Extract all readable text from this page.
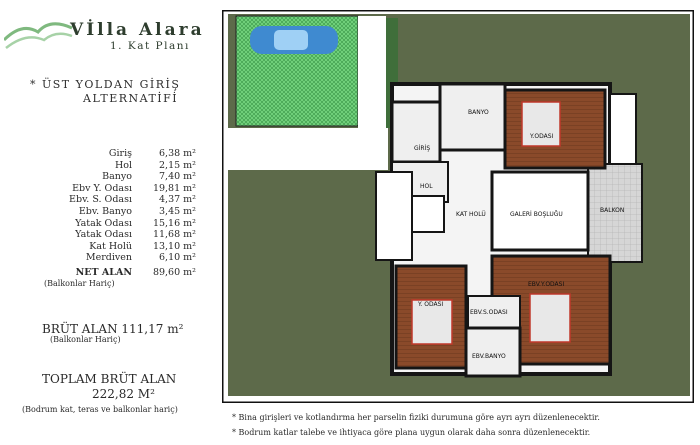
Vİlla Alara
1. Kat Planı
* ÜST YOLDAN GİRİŞ
ALTERNATİFİ
Giriş	6,38 m²
Hol	2,15 m²
Banyo	7,40 m²
Ebv Y. Odası	19,81 m²
Ebv. S. Odası	4,37 m²
Ebv. Banyo	3,45 m²
Yatak Odası	15,16 m²
Yatak Odası	11,68 m²
Kat Holü	13,10 m²
Merdiven	6,10 m²
NET ALAN	89,60 m²
(Balkonlar Hariç)
BRÜT ALAN 111,17 m²
(Balkonlar Hariç)
TOPLAM BRÜT ALAN
222,82 M²
(Bodrum kat, teras ve balkonlar hariç)
BANYO
Y.ODASI
GİRİŞ
HOL
KAT HOLÜ	GALERİ BOŞLUĞU
BALKON
Y. ODASI
EBV.Y.ODASI
EBV.S.ODASI
EBV.BANYO
* Bina girişleri ve kotlandırma her parselin fiziki durumuna göre ayrı ayrı düzenlenecektir.
* Bodrum katlar talebe ve ihtiyaca göre plana uygun olarak daha sonra düzenlenecektir.
